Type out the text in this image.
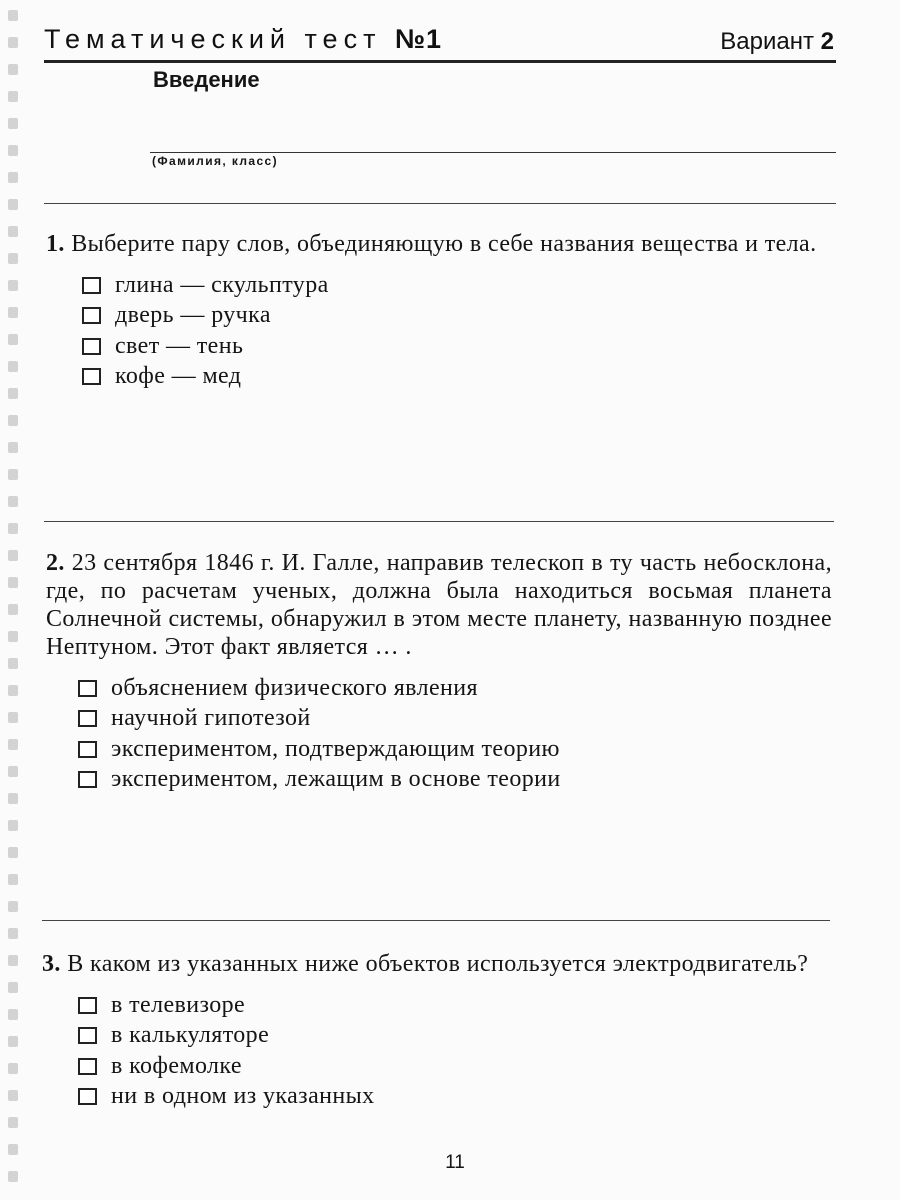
Тематический тест №1	Вариант 2
Введение
(Фамилия, класс)
1. Выберите пару слов, объединяющую в себе названия вещества и тела.
глина — скульптура
дверь — ручка
свет — тень
кофе — мед
2. 23 сентября 1846 г. И. Галле, направив телескоп в ту часть небосклона, где, по расчетам ученых, должна была находиться восьмая планета Солнечной системы, обнаружил в этом месте планету, названную позднее Нептуном. Этот факт является … .
объяснением физического явления
научной гипотезой
экспериментом, подтверждающим теорию
экспериментом, лежащим в основе теории
3. В каком из указанных ниже объектов используется электродвигатель?
в телевизоре
в калькуляторе
в кофемолке
ни в одном из указанных
11
